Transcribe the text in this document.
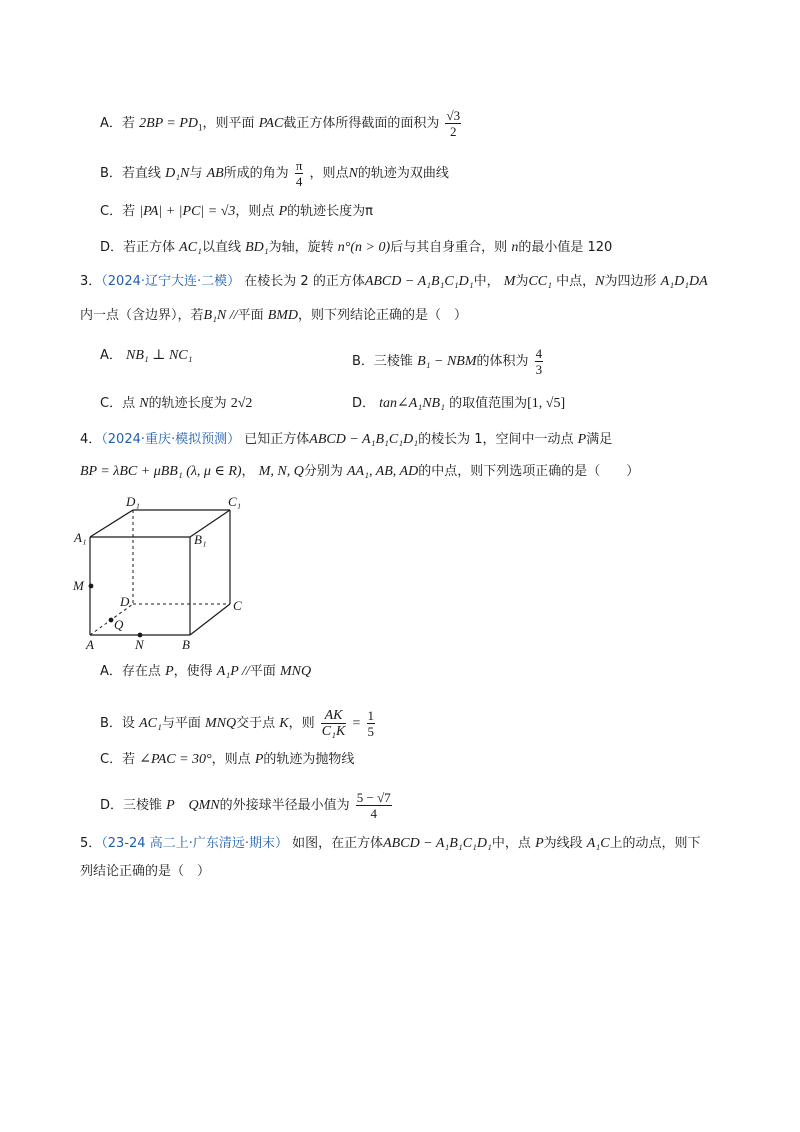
A．若 $2BP = PD_1$，则平面 PAC截正方体所得截面的面积为 $\frac{√3}{2}$
B．若直线 D₁N与 AB所成的角为 $\frac{\pi}{4}$ ，则点N的轨迹为双曲线
C．若 |PA| + |PC| = √3，则点 P的轨迹长度为π
D．若正方体 AC₁以直线 BD₁为轴，旋转 n°(n > 0)后与其自身重合，则 n的最小值是 120
3．（2024·辽宁大连·二模） 在棱长为 2 的正方体ABCD − A₁B₁C₁D₁中， M为CC₁ 中点，N为四边形 A₁D₁DA
内一点（含边界），若B₁N //平面 BMD，则下列结论正确的是（　）
A． NB₁ ⊥ NC₁	B．三棱锥 B₁ − NBM的体积为 $\frac{4}{3}$
C．点 N的轨迹长度为 2√2	D． tan∠A₁NB₁ 的取值范围为[1, √5]
4．（2024·重庆·模拟预测） 已知正方体ABCD − A₁B₁C₁D₁的棱长为 1，空间中一动点 P满足
BP = λBC + μBB₁ (λ, μ ∈ R)， M, N, Q分别为 AA₁, AB, AD的中点，则下列选项正确的是（　　）
D₁	C₁
A₁	B₁
M
D	C
Q
A	N	B
A．存在点 P，使得 A₁P //平面 MNQ
B．设 AC₁与平面 MNQ交于点 K，则 $\frac{AK}{\text{C₁K}} = \frac{1}{5}$
C．若 ∠PAC = 30°，则点 P的轨迹为抛物线
D．三棱锥 P　QMN的外接球半径最小值为 $\frac{5 - √7}{4}$
5．（23-24 高二上·广东清远·期末） 如图，在正方体ABCD − A₁B₁C₁D₁中，点 P为线段 A₁C上的动点，则下
列结论正确的是（　）
